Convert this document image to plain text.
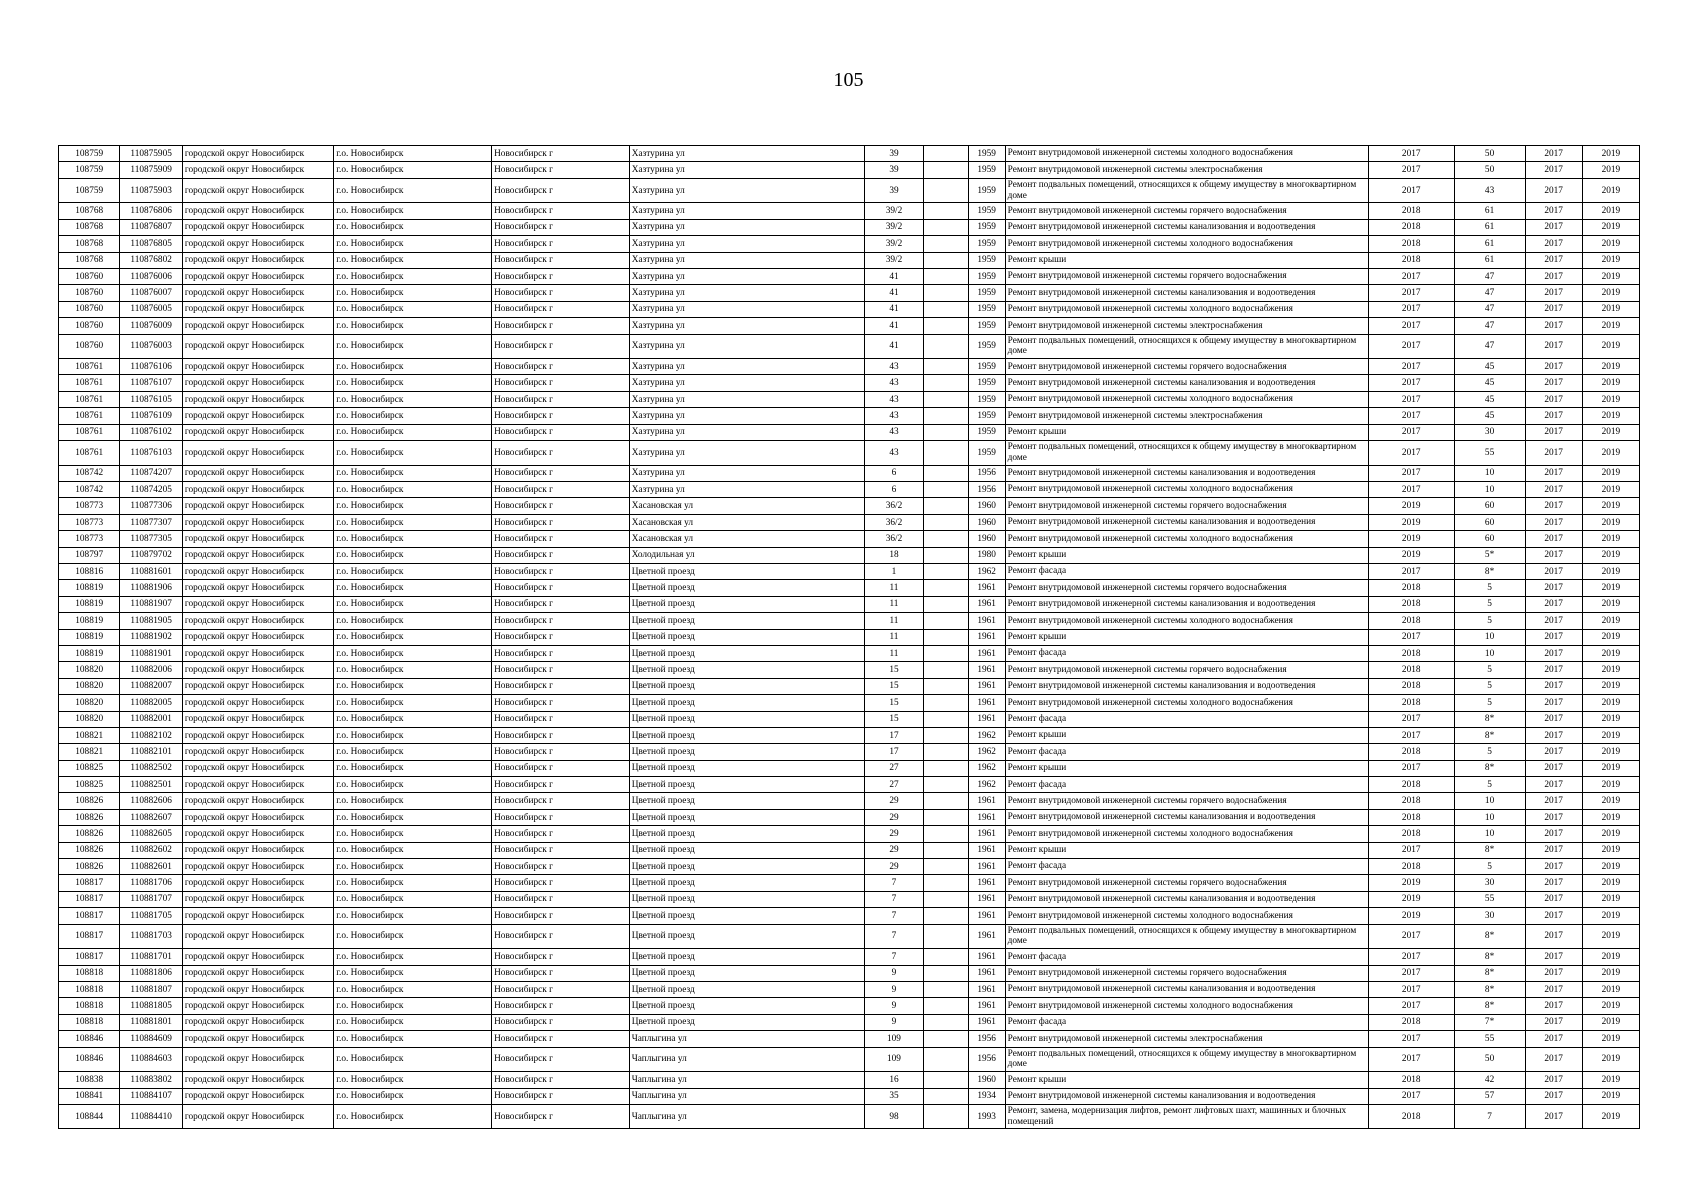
105
108759	110875905	городской округ Новосибирск	г.о. Новосибирск	Новосибирск г	Хазтурина ул	39		1959	Ремонт внутридомовой инженерной системы холодного водоснабжения	2017	50	2017	2019
108759	110875909	городской округ Новосибирск	г.о. Новосибирск	Новосибирск г	Хазтурина ул	39		1959	Ремонт внутридомовой инженерной системы электроснабжения	2017	50	2017	2019
108759	110875903	городской округ Новосибирск	г.о. Новосибирск	Новосибирск г	Хазтурина ул	39		1959	Ремонт подвальных помещений, относящихся к общему имуществу в многоквартирном доме	2017	43	2017	2019
108768	110876806	городской округ Новосибирск	г.о. Новосибирск	Новосибирск г	Хазтурина ул	39/2		1959	Ремонт внутридомовой инженерной системы горячего водоснабжения	2018	61	2017	2019
108768	110876807	городской округ Новосибирск	г.о. Новосибирск	Новосибирск г	Хазтурина ул	39/2		1959	Ремонт внутридомовой инженерной системы канализования и водоотведения	2018	61	2017	2019
108768	110876805	городской округ Новосибирск	г.о. Новосибирск	Новосибирск г	Хазтурина ул	39/2		1959	Ремонт внутридомовой инженерной системы холодного водоснабжения	2018	61	2017	2019
108768	110876802	городской округ Новосибирск	г.о. Новосибирск	Новосибирск г	Хазтурина ул	39/2		1959	Ремонт крыши	2018	61	2017	2019
108760	110876006	городской округ Новосибирск	г.о. Новосибирск	Новосибирск г	Хазтурина ул	41		1959	Ремонт внутридомовой инженерной системы горячего водоснабжения	2017	47	2017	2019
108760	110876007	городской округ Новосибирск	г.о. Новосибирск	Новосибирск г	Хазтурина ул	41		1959	Ремонт внутридомовой инженерной системы канализования и водоотведения	2017	47	2017	2019
108760	110876005	городской округ Новосибирск	г.о. Новосибирск	Новосибирск г	Хазтурина ул	41		1959	Ремонт внутридомовой инженерной системы холодного водоснабжения	2017	47	2017	2019
108760	110876009	городской округ Новосибирск	г.о. Новосибирск	Новосибирск г	Хазтурина ул	41		1959	Ремонт внутридомовой инженерной системы электроснабжения	2017	47	2017	2019
108760	110876003	городской округ Новосибирск	г.о. Новосибирск	Новосибирск г	Хазтурина ул	41		1959	Ремонт подвальных помещений, относящихся к общему имуществу в многоквартирном доме	2017	47	2017	2019
108761	110876106	городской округ Новосибирск	г.о. Новосибирск	Новосибирск г	Хазтурина ул	43		1959	Ремонт внутридомовой инженерной системы горячего водоснабжения	2017	45	2017	2019
108761	110876107	городской округ Новосибирск	г.о. Новосибирск	Новосибирск г	Хазтурина ул	43		1959	Ремонт внутридомовой инженерной системы канализования и водоотведения	2017	45	2017	2019
108761	110876105	городской округ Новосибирск	г.о. Новосибирск	Новосибирск г	Хазтурина ул	43		1959	Ремонт внутридомовой инженерной системы холодного водоснабжения	2017	45	2017	2019
108761	110876109	городской округ Новосибирск	г.о. Новосибирск	Новосибирск г	Хазтурина ул	43		1959	Ремонт внутридомовой инженерной системы электроснабжения	2017	45	2017	2019
108761	110876102	городской округ Новосибирск	г.о. Новосибирск	Новосибирск г	Хазтурина ул	43		1959	Ремонт крыши	2017	30	2017	2019
108761	110876103	городской округ Новосибирск	г.о. Новосибирск	Новосибирск г	Хазтурина ул	43		1959	Ремонт подвальных помещений, относящихся к общему имуществу в многоквартирном доме	2017	55	2017	2019
108742	110874207	городской округ Новосибирск	г.о. Новосибирск	Новосибирск г	Хазтурина ул	6		1956	Ремонт внутридомовой инженерной системы канализования и водоотведения	2017	10	2017	2019
108742	110874205	городской округ Новосибирск	г.о. Новосибирск	Новосибирск г	Хазтурина ул	6		1956	Ремонт внутридомовой инженерной системы холодного водоснабжения	2017	10	2017	2019
108773	110877306	городской округ Новосибирск	г.о. Новосибирск	Новосибирск г	Хасановская ул	36/2		1960	Ремонт внутридомовой инженерной системы горячего водоснабжения	2019	60	2017	2019
108773	110877307	городской округ Новосибирск	г.о. Новосибирск	Новосибирск г	Хасановская ул	36/2		1960	Ремонт внутридомовой инженерной системы канализования и водоотведения	2019	60	2017	2019
108773	110877305	городской округ Новосибирск	г.о. Новосибирск	Новосибирск г	Хасановская ул	36/2		1960	Ремонт внутридомовой инженерной системы холодного водоснабжения	2019	60	2017	2019
108797	110879702	городской округ Новосибирск	г.о. Новосибирск	Новосибирск г	Холодильная ул	18		1980	Ремонт крыши	2019	5*	2017	2019
108816	110881601	городской округ Новосибирск	г.о. Новосибирск	Новосибирск г	Цветной проезд	1		1962	Ремонт фасада	2017	8*	2017	2019
108819	110881906	городской округ Новосибирск	г.о. Новосибирск	Новосибирск г	Цветной проезд	11		1961	Ремонт внутридомовой инженерной системы горячего водоснабжения	2018	5	2017	2019
108819	110881907	городской округ Новосибирск	г.о. Новосибирск	Новосибирск г	Цветной проезд	11		1961	Ремонт внутридомовой инженерной системы канализования и водоотведения	2018	5	2017	2019
108819	110881905	городской округ Новосибирск	г.о. Новосибирск	Новосибирск г	Цветной проезд	11		1961	Ремонт внутридомовой инженерной системы холодного водоснабжения	2018	5	2017	2019
108819	110881902	городской округ Новосибирск	г.о. Новосибирск	Новосибирск г	Цветной проезд	11		1961	Ремонт крыши	2017	10	2017	2019
108819	110881901	городской округ Новосибирск	г.о. Новосибирск	Новосибирск г	Цветной проезд	11		1961	Ремонт фасада	2018	10	2017	2019
108820	110882006	городской округ Новосибирск	г.о. Новосибирск	Новосибирск г	Цветной проезд	15		1961	Ремонт внутридомовой инженерной системы горячего водоснабжения	2018	5	2017	2019
108820	110882007	городской округ Новосибирск	г.о. Новосибирск	Новосибирск г	Цветной проезд	15		1961	Ремонт внутридомовой инженерной системы канализования и водоотведения	2018	5	2017	2019
108820	110882005	городской округ Новосибирск	г.о. Новосибирск	Новосибирск г	Цветной проезд	15		1961	Ремонт внутридомовой инженерной системы холодного водоснабжения	2018	5	2017	2019
108820	110882001	городской округ Новосибирск	г.о. Новосибирск	Новосибирск г	Цветной проезд	15		1961	Ремонт фасада	2017	8*	2017	2019
108821	110882102	городской округ Новосибирск	г.о. Новосибирск	Новосибирск г	Цветной проезд	17		1962	Ремонт крыши	2017	8*	2017	2019
108821	110882101	городской округ Новосибирск	г.о. Новосибирск	Новосибирск г	Цветной проезд	17		1962	Ремонт фасада	2018	5	2017	2019
108825	110882502	городской округ Новосибирск	г.о. Новосибирск	Новосибирск г	Цветной проезд	27		1962	Ремонт крыши	2017	8*	2017	2019
108825	110882501	городской округ Новосибирск	г.о. Новосибирск	Новосибирск г	Цветной проезд	27		1962	Ремонт фасада	2018	5	2017	2019
108826	110882606	городской округ Новосибирск	г.о. Новосибирск	Новосибирск г	Цветной проезд	29		1961	Ремонт внутридомовой инженерной системы горячего водоснабжения	2018	10	2017	2019
108826	110882607	городской округ Новосибирск	г.о. Новосибирск	Новосибирск г	Цветной проезд	29		1961	Ремонт внутридомовой инженерной системы канализования и водоотведения	2018	10	2017	2019
108826	110882605	городской округ Новосибирск	г.о. Новосибирск	Новосибирск г	Цветной проезд	29		1961	Ремонт внутридомовой инженерной системы холодного водоснабжения	2018	10	2017	2019
108826	110882602	городской округ Новосибирск	г.о. Новосибирск	Новосибирск г	Цветной проезд	29		1961	Ремонт крыши	2017	8*	2017	2019
108826	110882601	городской округ Новосибирск	г.о. Новосибирск	Новосибирск г	Цветной проезд	29		1961	Ремонт фасада	2018	5	2017	2019
108817	110881706	городской округ Новосибирск	г.о. Новосибирск	Новосибирск г	Цветной проезд	7		1961	Ремонт внутридомовой инженерной системы горячего водоснабжения	2019	30	2017	2019
108817	110881707	городской округ Новосибирск	г.о. Новосибирск	Новосибирск г	Цветной проезд	7		1961	Ремонт внутридомовой инженерной системы канализования и водоотведения	2019	55	2017	2019
108817	110881705	городской округ Новосибирск	г.о. Новосибирск	Новосибирск г	Цветной проезд	7		1961	Ремонт внутридомовой инженерной системы холодного водоснабжения	2019	30	2017	2019
108817	110881703	городской округ Новосибирск	г.о. Новосибирск	Новосибирск г	Цветной проезд	7		1961	Ремонт подвальных помещений, относящихся к общему имуществу в многоквартирном доме	2017	8*	2017	2019
108817	110881701	городской округ Новосибирск	г.о. Новосибирск	Новосибирск г	Цветной проезд	7		1961	Ремонт фасада	2017	8*	2017	2019
108818	110881806	городской округ Новосибирск	г.о. Новосибирск	Новосибирск г	Цветной проезд	9		1961	Ремонт внутридомовой инженерной системы горячего водоснабжения	2017	8*	2017	2019
108818	110881807	городской округ Новосибирск	г.о. Новосибирск	Новосибирск г	Цветной проезд	9		1961	Ремонт внутридомовой инженерной системы канализования и водоотведения	2017	8*	2017	2019
108818	110881805	городской округ Новосибирск	г.о. Новосибирск	Новосибирск г	Цветной проезд	9		1961	Ремонт внутридомовой инженерной системы холодного водоснабжения	2017	8*	2017	2019
108818	110881801	городской округ Новосибирск	г.о. Новосибирск	Новосибирск г	Цветной проезд	9		1961	Ремонт фасада	2018	7*	2017	2019
108846	110884609	городской округ Новосибирск	г.о. Новосибирск	Новосибирск г	Чаплыгина ул	109		1956	Ремонт внутридомовой инженерной системы электроснабжения	2017	55	2017	2019
108846	110884603	городской округ Новосибирск	г.о. Новосибирск	Новосибирск г	Чаплыгина ул	109		1956	Ремонт подвальных помещений, относящихся к общему имуществу в многоквартирном доме	2017	50	2017	2019
108838	110883802	городской округ Новосибирск	г.о. Новосибирск	Новосибирск г	Чаплыгина ул	16		1960	Ремонт крыши	2018	42	2017	2019
108841	110884107	городской округ Новосибирск	г.о. Новосибирск	Новосибирск г	Чаплыгина ул	35		1934	Ремонт внутридомовой инженерной системы канализования и водоотведения	2017	57	2017	2019
108844	110884410	городской округ Новосибирск	г.о. Новосибирск	Новосибирск г	Чаплыгина ул	98		1993	Ремонт, замена, модернизация лифтов, ремонт лифтовых шахт, машинных и блочных помещений	2018	7	2017	2019
